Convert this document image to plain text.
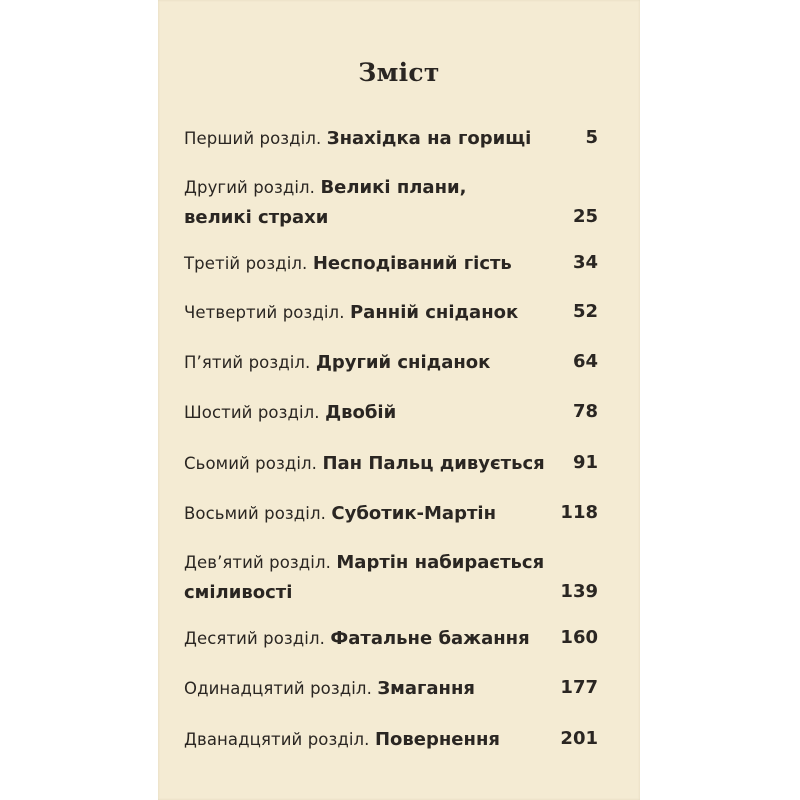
Зміст
Перший розділ. Знахідка на горищі	5
Другий розділ. Великі плани,
великі страхи	25
Третій розділ. Несподіваний гість	34
Четвертий розділ. Ранній сніданок	52
П’ятий розділ. Другий сніданок	64
Шостий розділ. Двобій	78
Сьомий розділ. Пан Пальц дивується	91
Восьмий розділ. Суботик-Мартін	118
Дев’ятий розділ. Мартін набирається
сміливості	139
Десятий розділ. Фатальне бажання	160
Одинадцятий розділ. Змагання	177
Дванадцятий розділ. Повернення	201
